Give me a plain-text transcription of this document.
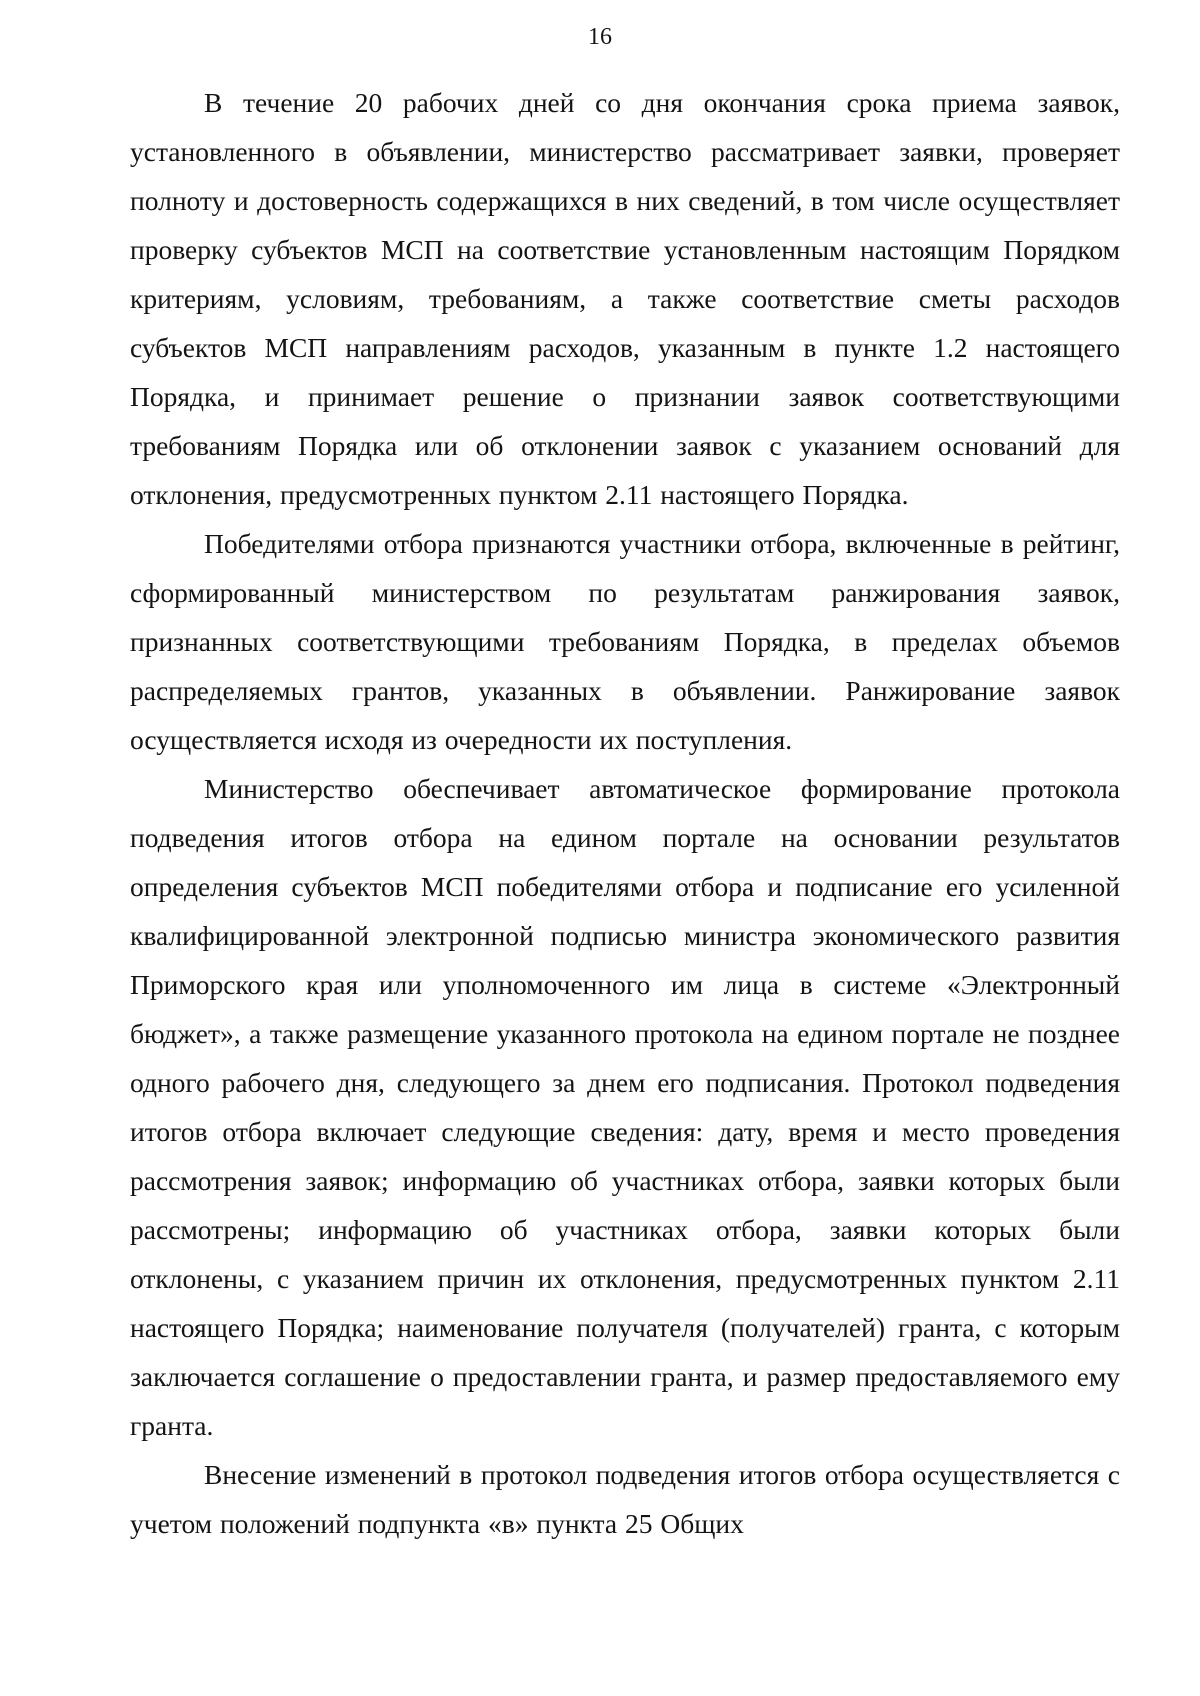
16

В течение 20 рабочих дней со дня окончания срока приема заявок, установленного в объявлении, министерство рассматривает заявки, проверяет полноту и достоверность содержащихся в них сведений, в том числе осуществляет проверку субъектов МСП на соответствие установленным настоящим Порядком критериям, условиям, требованиям, а также соответствие сметы расходов субъектов МСП направлениям расходов, указанным в пункте 1.2 настоящего Порядка, и принимает решение о признании заявок соответствующими требованиям Порядка или об отклонении заявок с указанием оснований для отклонения, предусмотренных пунктом 2.11 настоящего Порядка.

Победителями отбора признаются участники отбора, включенные в рейтинг, сформированный министерством по результатам ранжирования заявок, признанных соответствующими требованиям Порядка, в пределах объемов распределяемых грантов, указанных в объявлении. Ранжирование заявок осуществляется исходя из очередности их поступления.

Министерство обеспечивает автоматическое формирование протокола подведения итогов отбора на едином портале на основании результатов определения субъектов МСП победителями отбора и подписание его усиленной квалифицированной электронной подписью министра экономического развития Приморского края или уполномоченного им лица в системе «Электронный бюджет», а также размещение указанного протокола на едином портале не позднее одного рабочего дня, следующего за днем его подписания. Протокол подведения итогов отбора включает следующие сведения: дату, время и место проведения рассмотрения заявок; информацию об участниках отбора, заявки которых были рассмотрены; информацию об участниках отбора, заявки которых были отклонены, с указанием причин их отклонения, предусмотренных пунктом 2.11 настоящего Порядка; наименование получателя (получателей) гранта, с которым заключается соглашение о предоставлении гранта, и размер предоставляемого ему гранта.

Внесение изменений в протокол подведения итогов отбора осуществляется с учетом положений подпункта «в» пункта 25 Общих
